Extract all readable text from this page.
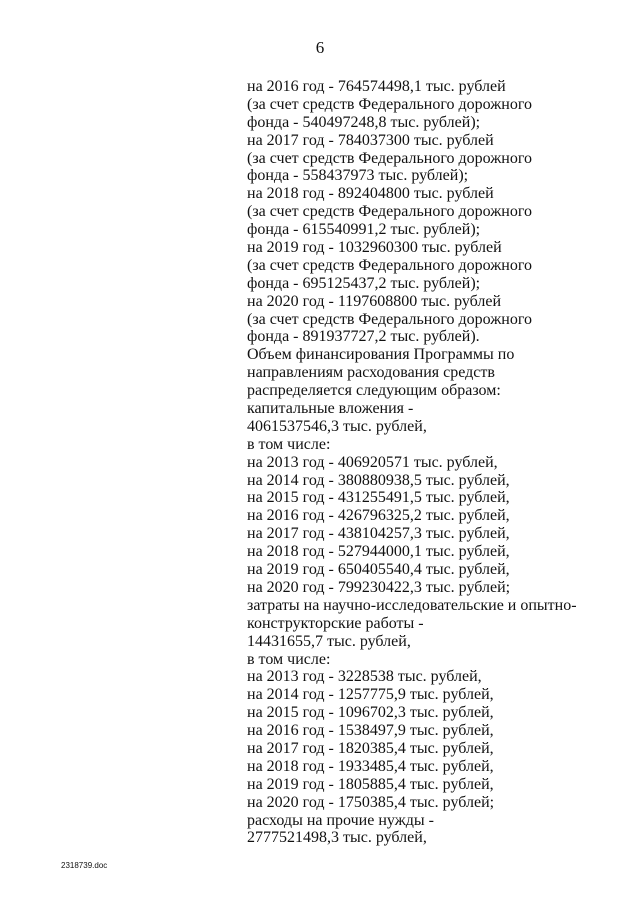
6
на 2016 год - 764574498,1 тыс. рублей
(за счет средств Федерального дорожного
фонда - 540497248,8 тыс. рублей);
на 2017 год - 784037300 тыс. рублей
(за счет средств Федерального дорожного
фонда - 558437973 тыс. рублей);
на 2018 год - 892404800 тыс. рублей
(за счет средств Федерального дорожного
фонда - 615540991,2 тыс. рублей);
на 2019 год - 1032960300 тыс. рублей
(за счет средств Федерального дорожного
фонда - 695125437,2 тыс. рублей);
на 2020 год - 1197608800 тыс. рублей
(за счет средств Федерального дорожного
фонда - 891937727,2 тыс. рублей).
Объем финансирования Программы по
направлениям расходования средств
распределяется следующим образом:
капитальные вложения -
4061537546,3 тыс. рублей,
в том числе:
на 2013 год - 406920571 тыс. рублей,
на 2014 год - 380880938,5 тыс. рублей,
на 2015 год - 431255491,5 тыс. рублей,
на 2016 год - 426796325,2 тыс. рублей,
на 2017 год - 438104257,3 тыс. рублей,
на 2018 год - 527944000,1 тыс. рублей,
на 2019 год - 650405540,4 тыс. рублей,
на 2020 год - 799230422,3 тыс. рублей;
затраты на научно-исследовательские и опытно-
конструкторские работы -
14431655,7 тыс. рублей,
в том числе:
на 2013 год - 3228538 тыс. рублей,
на 2014 год - 1257775,9 тыс. рублей,
на 2015 год - 1096702,3 тыс. рублей,
на 2016 год - 1538497,9 тыс. рублей,
на 2017 год - 1820385,4 тыс. рублей,
на 2018 год - 1933485,4 тыс. рублей,
на 2019 год - 1805885,4 тыс. рублей,
на 2020 год - 1750385,4 тыс. рублей;
расходы на прочие нужды -
2777521498,3 тыс. рублей,
2318739.doc
